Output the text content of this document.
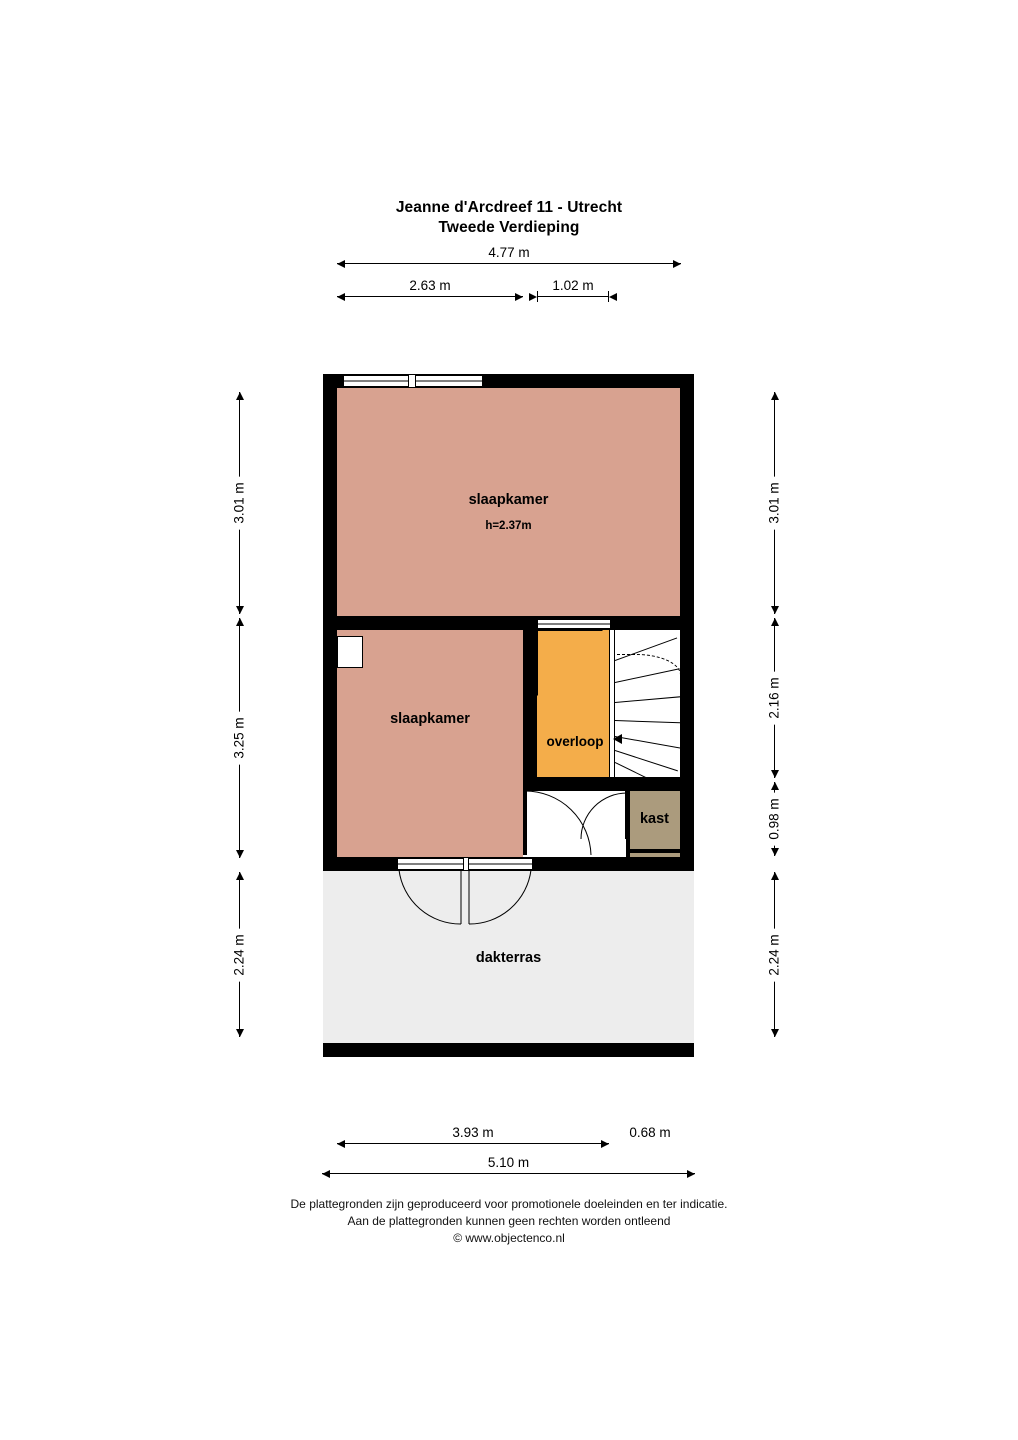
Jeanne d'Arcdreef 11 - Utrecht
Tweede Verdieping
4.77 m
2.63 m	1.02 m
3.01 m
3.25 m
2.24 m
3.01 m
2.16 m
0.98 m
2.24 m
dakterras
slaapkamer
h=2.37m
slaapkamer
overloop
kast
3.93 m	0.68 m
5.10 m
De plattegronden zijn geproduceerd voor promotionele doeleinden en ter indicatie.
Aan de plattegronden kunnen geen rechten worden ontleend
© www.objectenco.nl
